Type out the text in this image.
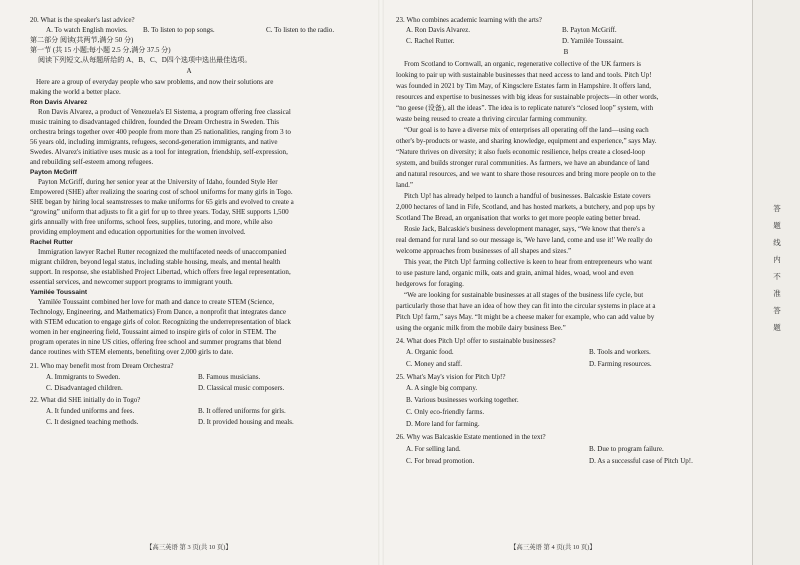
20. What is the speaker's last advice?
A. To watch English movies. B. To listen to pop songs.	C. To listen to the radio.
第二部分 阅读(共两节,满分 50 分)
第一节 (共 15 小题;每小题 2.5 分,满分 37.5 分)
阅读下列短文,从每题所给的 A、B、C、D四个选项中选出最佳选项。
A
Here are a group of everyday people who saw problems, and now their solutions are
making the world a better place.
Ron Davis Alvarez
Ron Davis Alvarez, a product of Venezuela's El Sistema, a program offering free classical
music training to disadvantaged children, founded the Dream Orchestra in Sweden. This
orchestra brings together over 400 people from more than 25 nationalities, ranging from 3 to
56 years old, including immigrants, refugees, second-generation immigrants, and native
Swedes. Alvarez's initiative uses music as a tool for integration, friendship, self-expression,
and rebuilding self-esteem among refugees.
Payton McGriff
Payton McGriff, during her senior year at the University of Idaho, founded Style Her
Empowered (SHE) after realizing the soaring cost of school uniforms for many girls in Togo.
SHE began by hiring local seamstresses to make uniforms for 65 girls and evolved to create a
“growing” uniform that adjusts to fit a girl for up to three years. Today, SHE supports 1,500
girls annually with free uniforms, school fees, supplies, tutoring, and more, while also
providing employment and education opportunities for the women involved.
Rachel Rutter
Immigration lawyer Rachel Rutter recognized the multifaceted needs of unaccompanied
migrant children, beyond legal status, including stable housing, meals, and mental health
support. In response, she established Project Libertad, which offers free legal representation,
essential services, and newcomer support programs to immigrant youth.
Yamilée Toussaint
Yamilée Toussaint combined her love for math and dance to create STEM (Science,
Technology, Engineering, and Mathematics) From Dance, a nonprofit that integrates dance
with STEM education to engage girls of color. Recognizing the underrepresentation of black
women in her engineering field, Toussaint aimed to inspire girls of color in STEM. The
program operates in nine US cities, offering free school and summer programs that blend
dance routines with STEM elements, benefiting over 2,000 girls to date.
21. Who may benefit most from Dream Orchestra?
A. Immigrants to Sweden.	B. Famous musicians.
C. Disadvantaged children.	D. Classical music composers.
22. What did SHE initially do in Togo?
A. It funded uniforms and fees.	B. It offered uniforms for girls.
C. It designed teaching methods.	D. It provided housing and meals.
【高三英语 第 3 页(共 10 页)】
23. Who combines academic learning with the arts?
A. Ron Davis Alvarez.	B. Payton McGriff.
C. Rachel Rutter.	D. Yamilée Toussaint.
B
From Scotland to Cornwall, an organic, regenerative collective of the UK farmers is
looking to pair up with sustainable businesses that need access to land and tools. Pitch Up!
was founded in 2021 by Tim May, of Kingsclere Estates farm in Hampshire. It offers land,
resources and expertise to businesses with big ideas for sustainable projects—in other words,
“no geese (设备), all the ideas”. The idea is to replicate nature's “closed loop” system, with
waste being reused to create a thriving circular farming community.
“Our goal is to have a diverse mix of enterprises all operating off the land—using each
other's by-products or waste, and sharing knowledge, equipment and experience,” says May.
“Nature thrives on diversity; it also fuels economic resilience, helps create a closed-loop
system, and builds stronger rural communities. As farmers, we have an abundance of land
and natural resources, and we want to share those resources and bring more people on to the
land.”
Pitch Up! has already helped to launch a handful of businesses. Balcaskie Estate covers
2,000 hectares of land in Fife, Scotland, and has hosted markets, a butchery, and pop ups by
Scotland The Bread, an organisation that works to get more people eating better bread.
Rosie Jack, Balcaskie's business development manager, says, “We know that there's a
real demand for rural land so our message is, 'We have land, come and use it!' We really do
welcome approaches from businesses of all shapes and sizes.”
This year, the Pitch Up! farming collective is keen to hear from entrepreneurs who want
to use pasture land, organic milk, oats and grain, animal hides, woad, wool and even
hedgerows for foraging.
“We are looking for sustainable businesses at all stages of the business life cycle, but
particularly those that have an idea of how they can fit into the circular systems in place at a
Pitch Up! farm,” says May. “It might be a cheese maker for example, who can add value by
using the organic milk from the mobile dairy business Bee.”
24. What does Pitch Up! offer to sustainable businesses?
A. Organic food.	B. Tools and workers.
C. Money and staff.	D. Farming resources.
25. What's May's vision for Pitch Up!?
A. A single big company.
B. Various businesses working together.
C. Only eco-friendly farms.
D. More land for farming.
26. Why was Balcaskie Estate mentioned in the text?
A. For selling land.	B. Due to program failure.
C. For bread promotion.	D. As a successful case of Pitch Up!.
【高三英语 第 4 页(共 10 页)】
答
题
线
内
不
准
答
题
